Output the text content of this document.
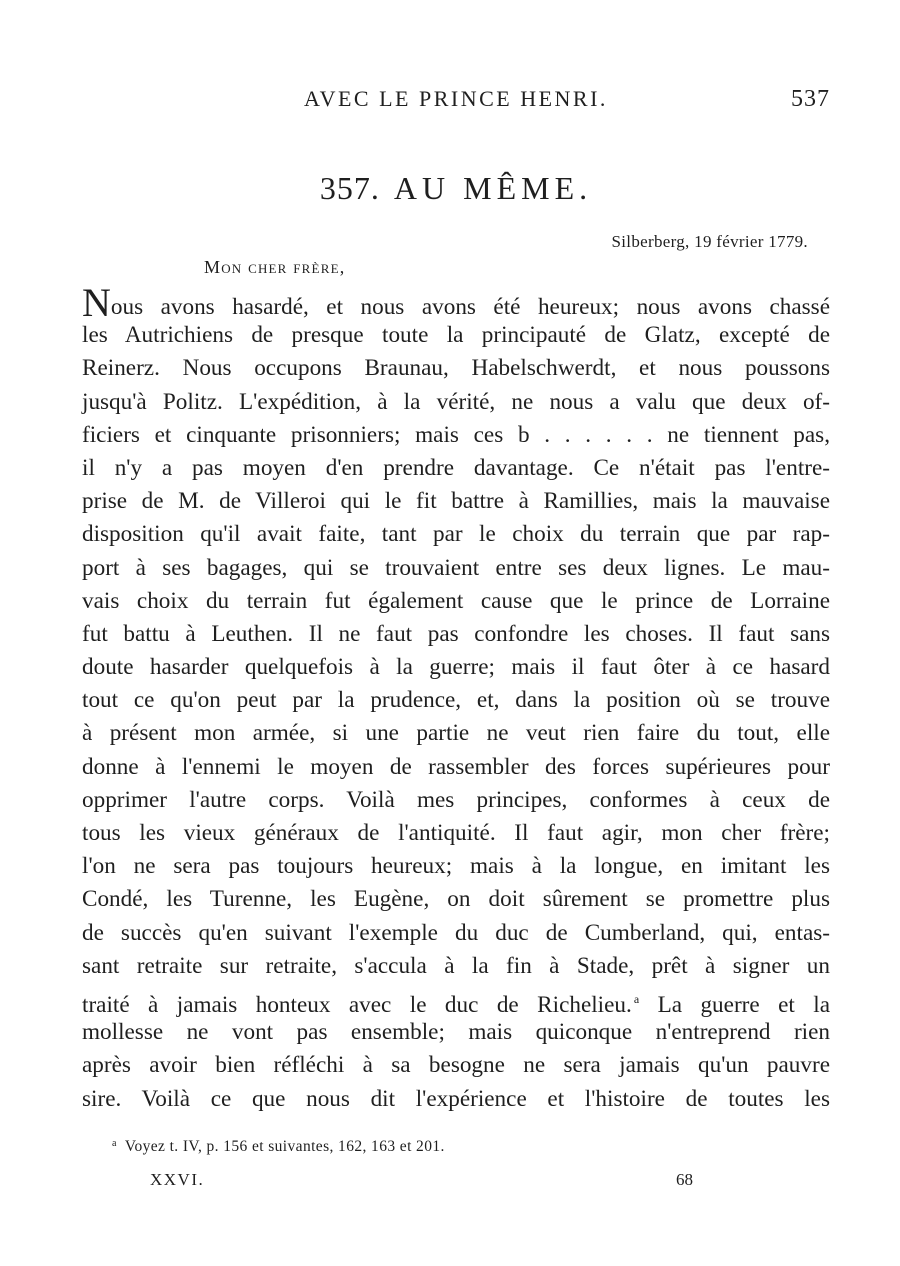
AVEC LE PRINCE HENRI.	537
357. AU MÊME.
Silberberg, 19 février 1779.
Mon cher frère,
Nous avons hasardé, et nous avons été heureux; nous avons chassé
les Autrichiens de presque toute la principauté de Glatz, excepté de
Reinerz. Nous occupons Braunau, Habelschwerdt, et nous poussons
jusqu'à Politz. L'expédition, à la vérité, ne nous a valu que deux of-
ficiers et cinquante prisonniers; mais ces b . . . . . . ne tiennent pas,
il n'y a pas moyen d'en prendre davantage. Ce n'était pas l'entre-
prise de M. de Villeroi qui le fit battre à Ramillies, mais la mauvaise
disposition qu'il avait faite, tant par le choix du terrain que par rap-
port à ses bagages, qui se trouvaient entre ses deux lignes. Le mau-
vais choix du terrain fut également cause que le prince de Lorraine
fut battu à Leuthen. Il ne faut pas confondre les choses. Il faut sans
doute hasarder quelquefois à la guerre; mais il faut ôter à ce hasard
tout ce qu'on peut par la prudence, et, dans la position où se trouve
à présent mon armée, si une partie ne veut rien faire du tout, elle
donne à l'ennemi le moyen de rassembler des forces supérieures pour
opprimer l'autre corps. Voilà mes principes, conformes à ceux de
tous les vieux généraux de l'antiquité. Il faut agir, mon cher frère;
l'on ne sera pas toujours heureux; mais à la longue, en imitant les
Condé, les Turenne, les Eugène, on doit sûrement se promettre plus
de succès qu'en suivant l'exemple du duc de Cumberland, qui, entas-
sant retraite sur retraite, s'accula à la fin à Stade, prêt à signer un
traité à jamais honteux avec le duc de Richelieu. $^a$ La guerre et la
mollesse ne vont pas ensemble; mais quiconque n'entreprend rien
après avoir bien réfléchi à sa besogne ne sera jamais qu'un pauvre
sire. Voilà ce que nous dit l'expérience et l'histoire de toutes les
$^a$ Voyez t. IV, p. 156 et suivantes, 162, 163 et 201.
XXVI.	68
